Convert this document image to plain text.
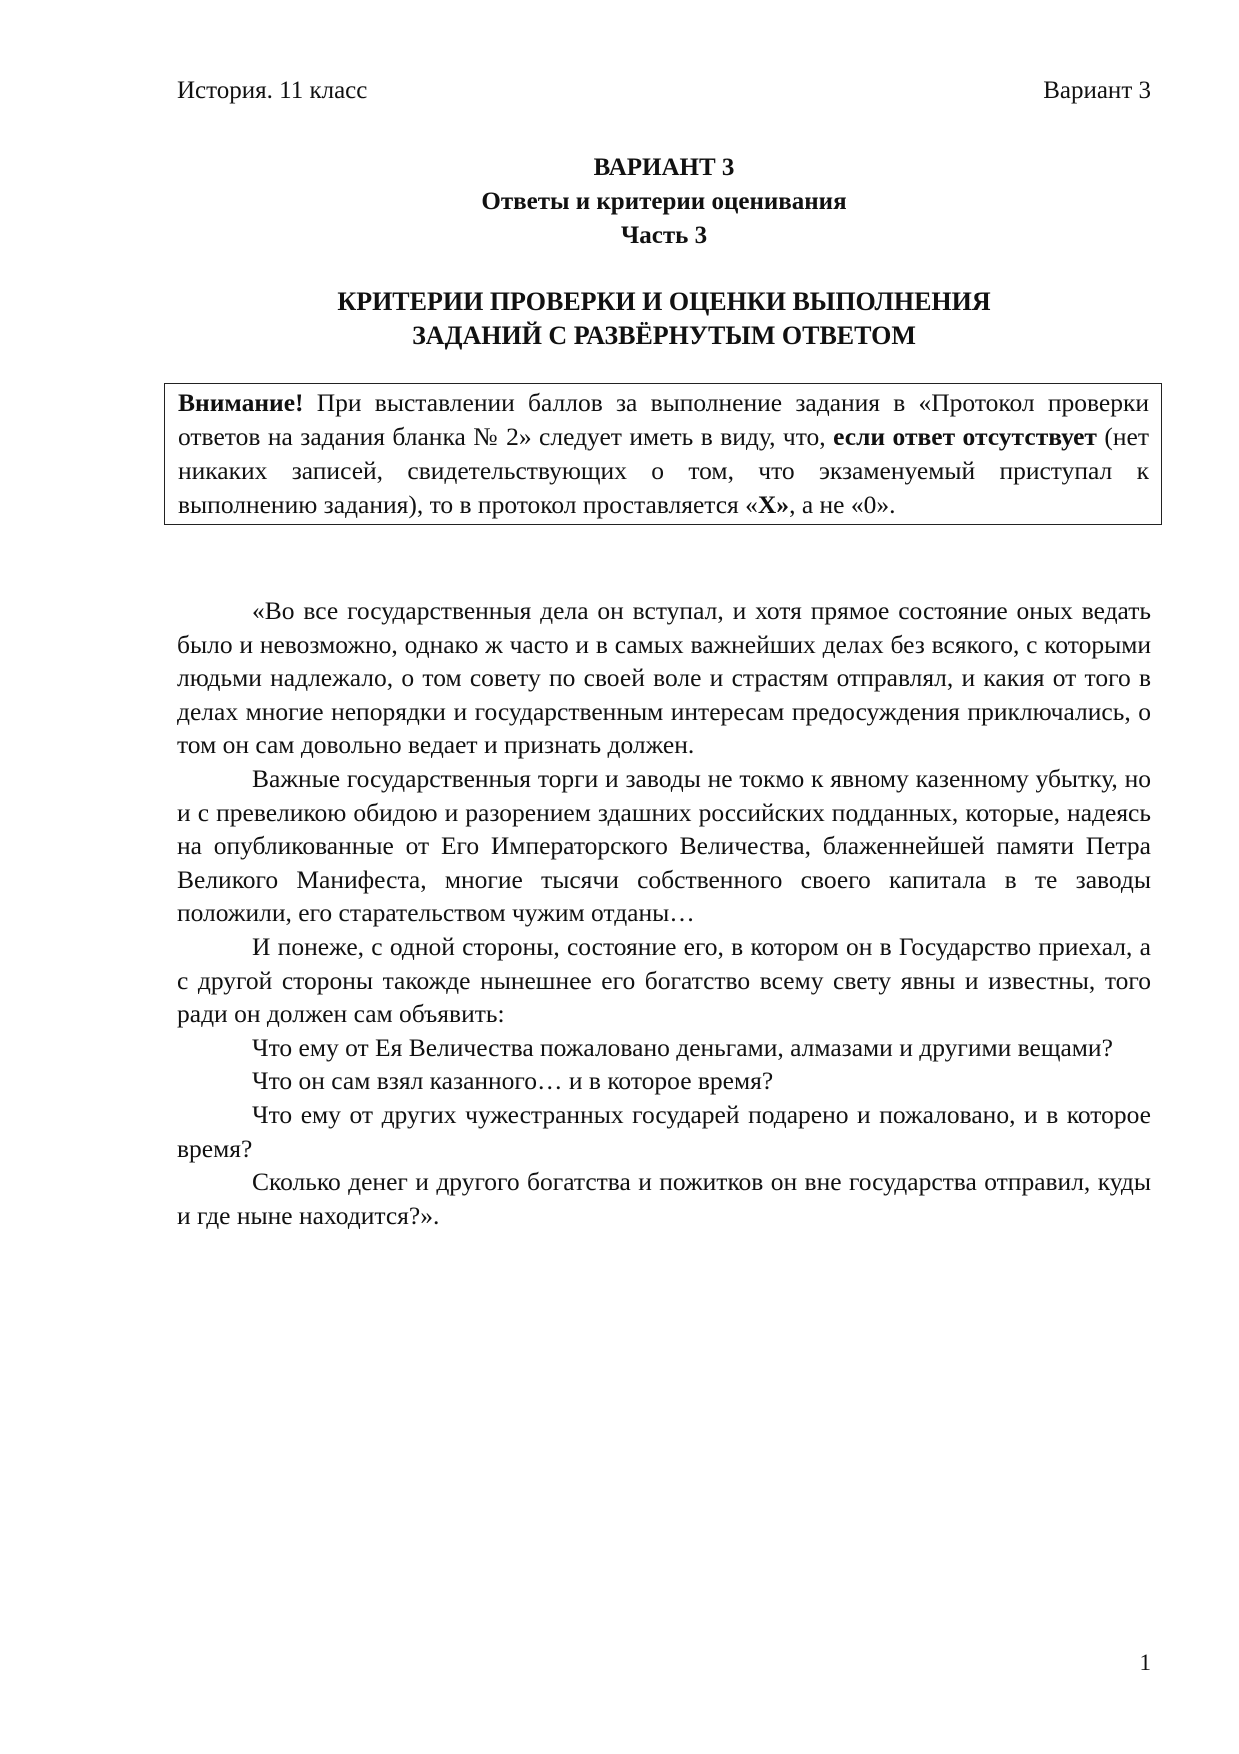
История. 11 класс	Вариант 3
ВАРИАНТ 3
Ответы и критерии оценивания
Часть 3
КРИТЕРИИ ПРОВЕРКИ И ОЦЕНКИ ВЫПОЛНЕНИЯ
ЗАДАНИЙ С РАЗВЁРНУТЫМ ОТВЕТОМ
Внимание! При выставлении баллов за выполнение задания в «Протокол проверки ответов на задания бланка № 2» следует иметь в виду, что, если ответ отсутствует (нет никаких записей, свидетельствующих о том, что экзаменуемый приступал к выполнению задания), то в протокол проставляется «Х», а не «0».

«Во все государственныя дела он вступал, и хотя прямое состояние оных ведать было и невозможно, однако ж часто и в самых важнейших делах без всякого, с которыми людьми надлежало, о том совету по своей воле и страстям отправлял, и какия от того в делах многие непорядки и государственным интересам предосуждения приключались, о том он сам довольно ведает и признать должен.

Важные государственныя торги и заводы не токмо к явному казенному убытку, но и с превеликою обидою и разорением здашних российских подданных, которые, надеясь на опубликованные от Его Императорского Величества, блаженнейшей памяти Петра Великого Манифеста, многие тысячи собственного своего капитала в те заводы положили, его старательством чужим отданы…

И понеже, с одной стороны, состояние его, в котором он в Государство приехал, а с другой стороны такожде нынешнее его богатство всему свету явны и известны, того ради он должен сам объявить:

Что ему от Ея Величества пожаловано деньгами, алмазами и другими вещами?

Что он сам взял казанного… и в которое время?

Что ему от других чужестранных государей подарено и пожаловано, и в которое время?

Сколько денег и другого богатства и пожитков он вне государства отправил, куды и где ныне находится?».

1
